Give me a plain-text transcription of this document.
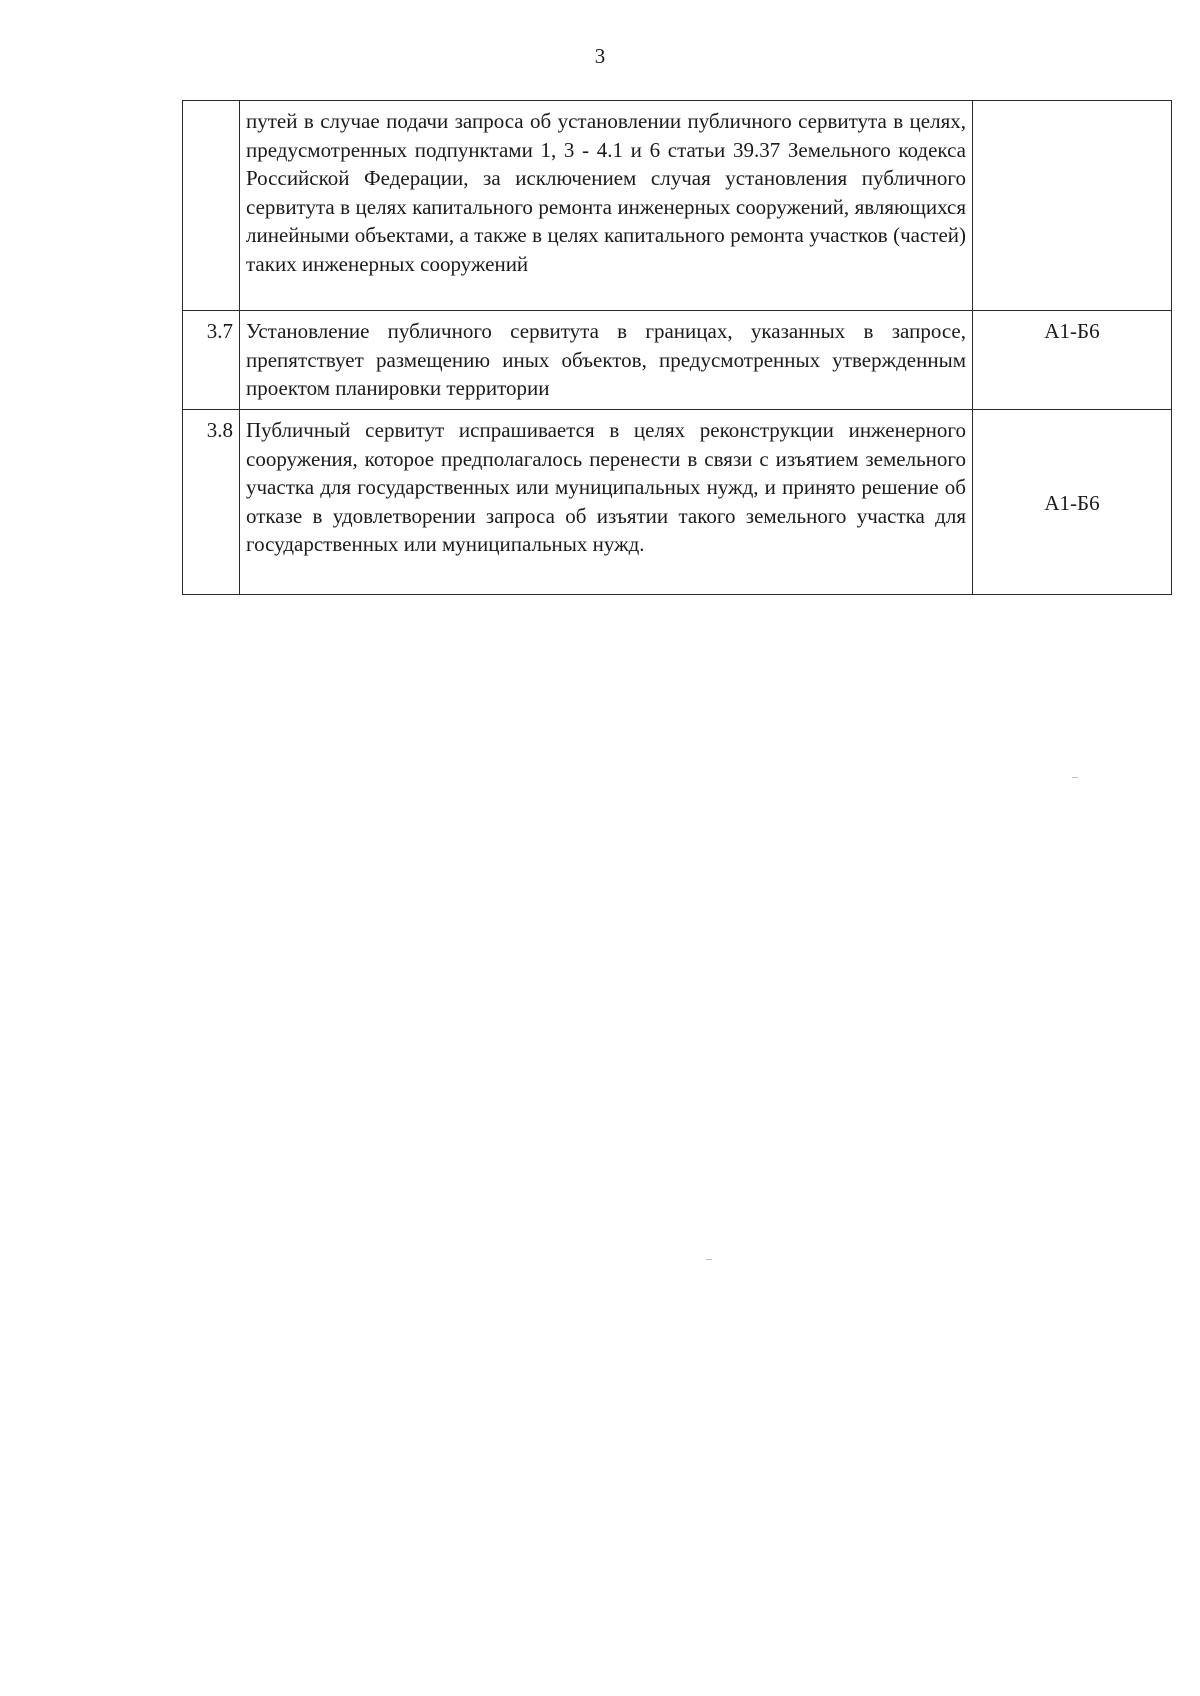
3
	путей в случае подачи запроса об установлении публичного сервитута в целях, предусмотренных подпунктами 1, 3 - 4.1 и 6 статьи 39.37 Земельного кодекса Российской Федерации, за исключением случая установления публичного сервитута в целях капитального ремонта инженерных сооружений, являющихся линейными объектами, а также в целях капитального ремонта участков (частей) таких инженерных сооружений	
3.7	Установление публичного сервитута в границах, указанных в запросе, препятствует размещению иных объектов, предусмотренных утвержденным проектом планировки территории	А1-Б6
3.8	Публичный сервитут испрашивается в целях реконструкции инженерного сооружения, которое предполагалось перенести в связи с изъятием земельного участка для государственных или муниципальных нужд, и принято решение об отказе в удовлетворении запроса об изъятии такого земельного участка для государственных или муниципальных нужд.	А1-Б6
